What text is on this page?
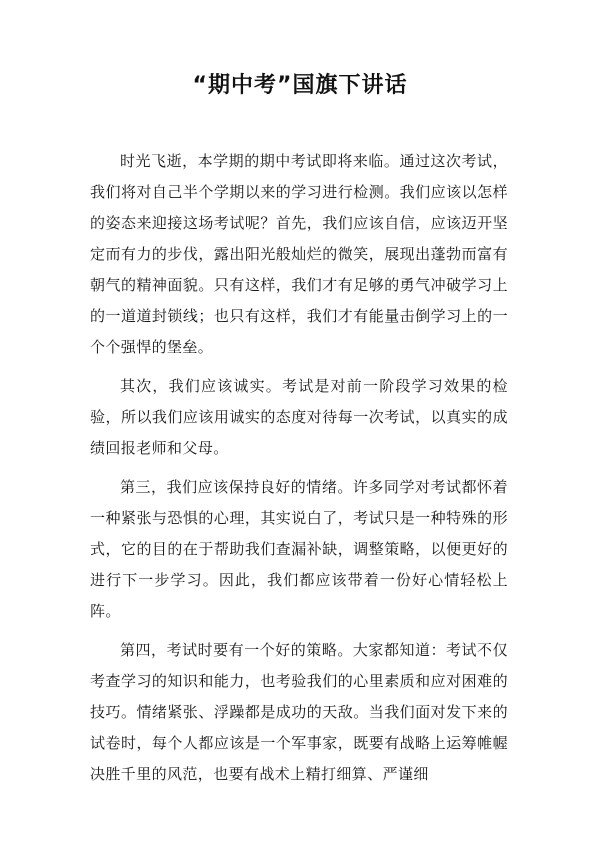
“期中考”国旗下讲话

时光飞逝，本学期的期中考试即将来临。通过这次考试，我们将对自己半个学期以来的学习进行检测。我们应该以怎样的姿态来迎接这场考试呢？首先，我们应该自信，应该迈开坚定而有力的步伐，露出阳光般灿烂的微笑，展现出蓬勃而富有朝气的精神面貌。只有这样，我们才有足够的勇气冲破学习上的一道道封锁线；也只有这样，我们才有能量击倒学习上的一个个强悍的堡垒。

其次，我们应该诚实。考试是对前一阶段学习效果的检验，所以我们应该用诚实的态度对待每一次考试，以真实的成绩回报老师和父母。

第三，我们应该保持良好的情绪。许多同学对考试都怀着一种紧张与恐惧的心理，其实说白了，考试只是一种特殊的形式，它的目的在于帮助我们查漏补缺，调整策略，以便更好的进行下一步学习。因此，我们都应该带着一份好心情轻松上阵。

第四，考试时要有一个好的策略。大家都知道：考试不仅考查学习的知识和能力，也考验我们的心里素质和应对困难的技巧。情绪紧张、浮躁都是成功的天敌。当我们面对发下来的试卷时，每个人都应该是一个军事家，既要有战略上运筹帷幄决胜千里的风范，也要有战术上精打细算、严谨细
